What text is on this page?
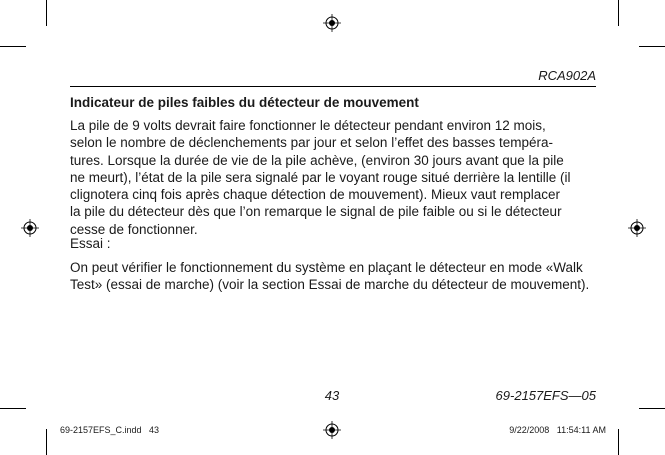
RCA902A
Indicateur de piles faibles du détecteur de mouvement
La pile de 9 volts devrait faire fonctionner le détecteur pendant environ 12 mois,
selon le nombre de déclenchements par jour et selon l’effet des basses tempéra-
tures. Lorsque la durée de vie de la pile achève, (environ 30 jours avant que la pile
ne meurt), l’état de la pile sera signalé par le voyant rouge situé derrière la lentille (il
clignotera cinq fois après chaque détection de mouvement). Mieux vaut remplacer
la pile du détecteur dès que l’on remarque le signal de pile faible ou si le détecteur
cesse de fonctionner.
Essai :
On peut vérifier le fonctionnement du système en plaçant le détecteur en mode «Walk
Test» (essai de marche) (voir la section Essai de marche du détecteur de mouvement).
43	69-2157EFS—05
69-2157EFS_C.indd   43	9/22/2008   11:54:11 AM
